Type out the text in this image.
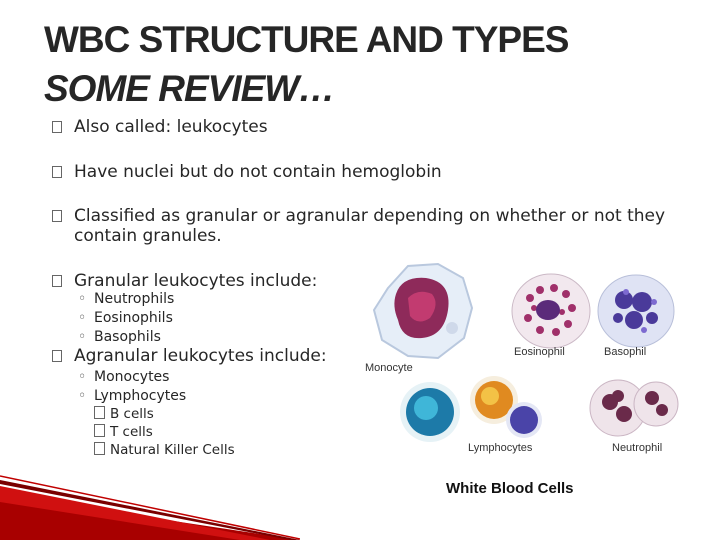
WBC STRUCTURE AND TYPES
SOME REVIEW…
Also called: leukocytes
Have nuclei but do not contain hemoglobin
Classified as granular or agranular depending on whether or not they contain granules.
Granular leukocytes include:
◦ Neutrophils
◦ Eosinophils
◦ Basophils
Agranular leukocytes include:
◦ Monocytes
◦ Lymphocytes
B cells
T cells
Natural Killer Cells
Monocyte
Eosinophil	Basophil
Lymphocytes	Neutrophil
White Blood Cells
